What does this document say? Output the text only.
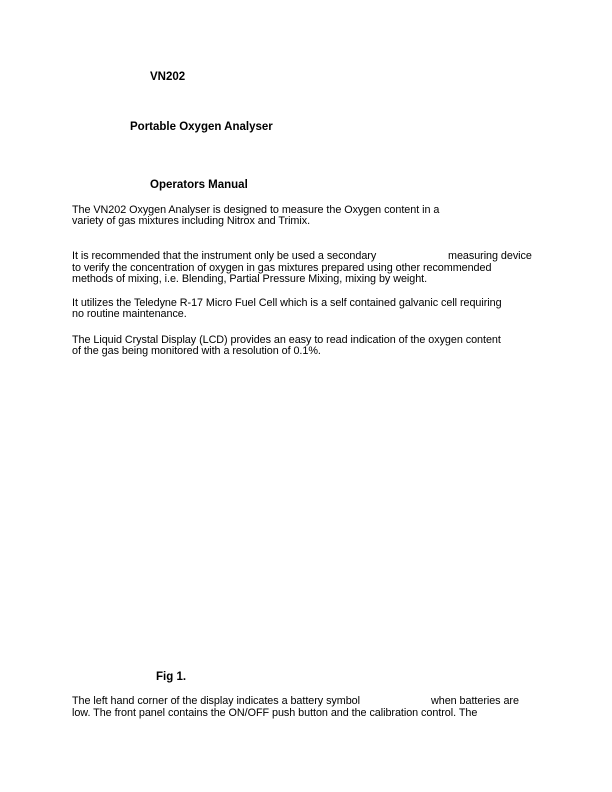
VN202
Portable Oxygen Analyser
Operators Manual
The VN202 Oxygen Analyser is designed to measure the Oxygen content in a
variety of gas mixtures including Nitrox and Trimix.
It is recommended that the instrument only be used a secondary	measuring device
to verify the concentration of oxygen in gas mixtures prepared using other recommended
methods of mixing, i.e. Blending, Partial Pressure Mixing, mixing by weight.
It utilizes the Teledyne R-17 Micro Fuel Cell which is a self contained galvanic cell requiring
no routine maintenance.
The Liquid Crystal Display (LCD) provides an easy to read indication of the oxygen content
of the gas being monitored with a resolution of 0.1%.
Fig 1.
The left hand corner of the display indicates a battery symbol	when batteries are
low. The front panel contains the ON/OFF push button and the calibration control. The
